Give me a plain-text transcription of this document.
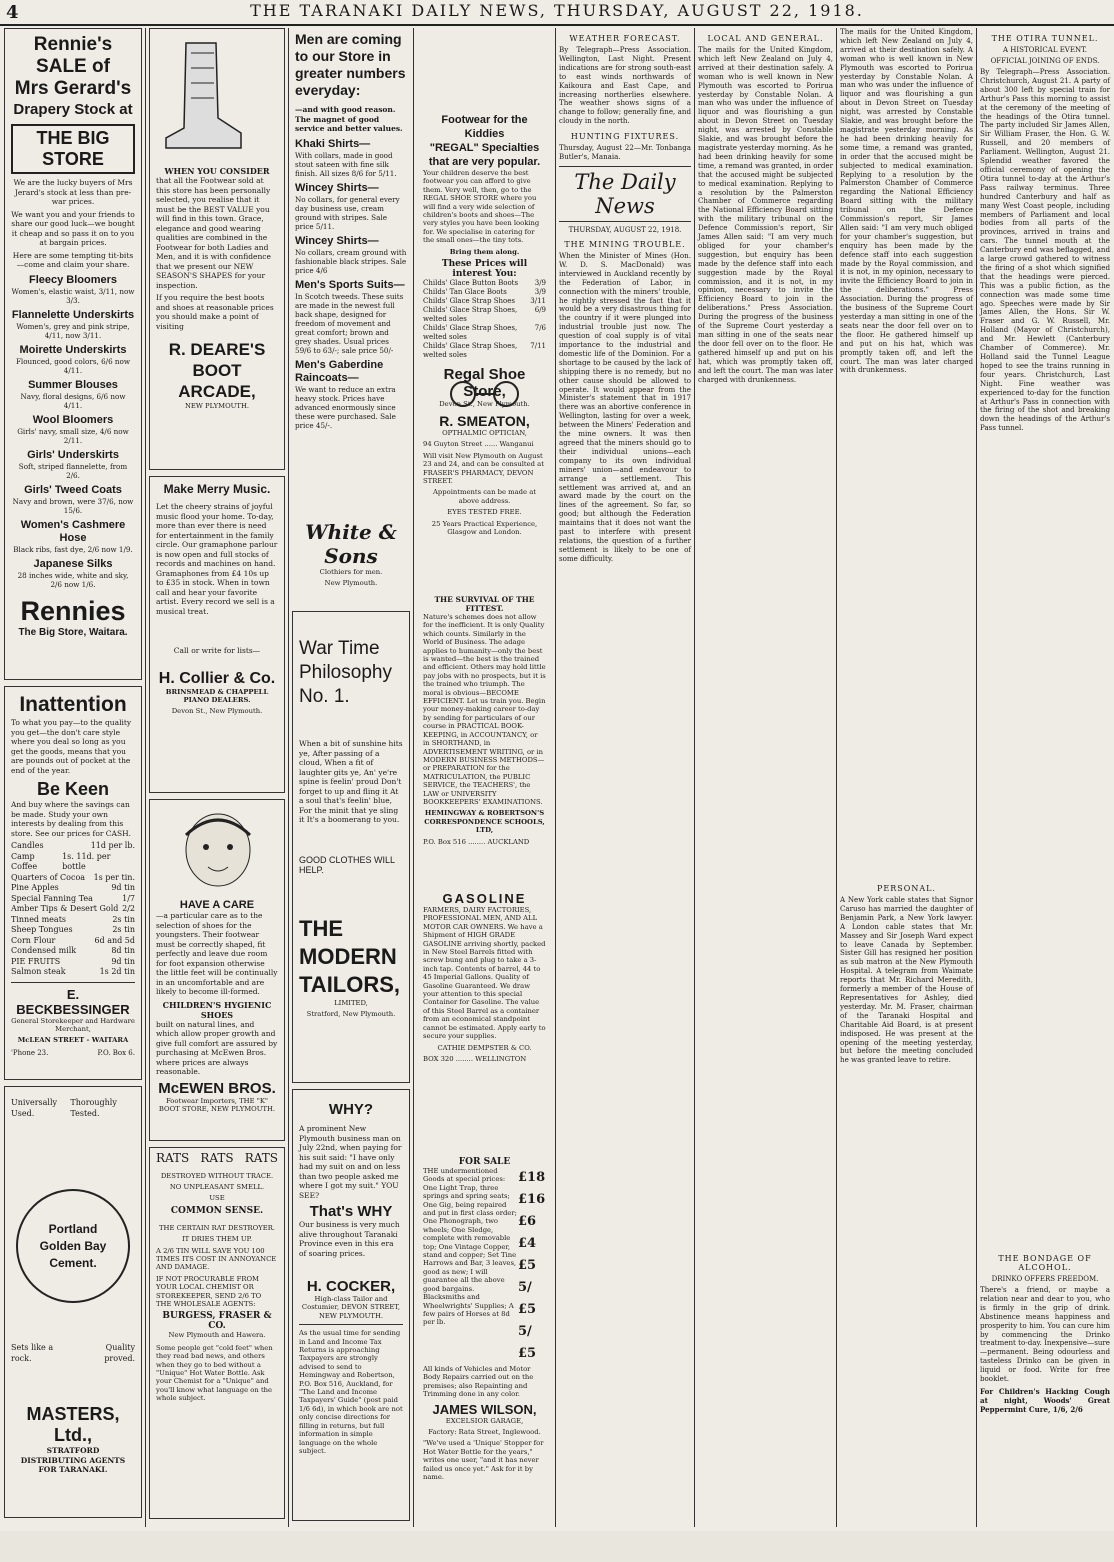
4	THE TARANAKI DAILY NEWS, THURSDAY, AUGUST 22, 1918.
Rennie's
SALE of
Mrs Gerard's
Drapery Stock at
THE BIG STORE

We are the lucky buyers of Mrs Jerard's stock at less than pre-war prices.

We want you and your friends to share our good luck—we bought it cheap and so pass it on to you at bargain prices.

Here are some tempting tit-bits—come and claim your share.

Fleecy Bloomers
Women's, elastic waist, 3/11, now 3/3.
Flannelette Underskirts
Women's, grey and pink stripe, 4/11, now 3/11.
Moirette Underskirts
Flounced, good colors, 6/6 now 4/11.
Summer Blouses
Navy, floral designs, 6/6 now 4/11.
Wool Bloomers
Girls' navy, small size, 4/6 now 2/11.
Girls' Underskirts
Soft, striped flannelette, from 2/6.
Girls' Tweed Coats
Navy and brown, were 37/6, now 15/6.
Women's Cashmere Hose
Black ribs, fast dye, 2/6 now 1/9.
Japanese Silks
28 inches wide, white and sky, 2/6 now 1/6.
Rennies
The Big Store, Waitara.
Inattention

To what you pay—to the quality you get—the don't care style where you deal so long as you get the goods, means that you are pounds out of pocket at the end of the year.

Be Keen

And buy where the savings can be made. Study your own interests by dealing from this store. See our prices for CASH.

Candles	11d per lb.
Camp Coffee
1s. 11d. per bottle
Quarters of Cocoa 1s per tin.
Pine Apples	9d tin
Special Fanning Tea	1/7
Amber Tips & Desert Gold 2/2
Tinned meats	2s tin
Sheep Tongues	2s tin
Corn Flour	6d and 5d
Condensed milk	8d tin
PIE FRUITS	9d tin
Salmon steak	1s 2d tin
E. BECKBESSINGER

General Storekeeper and Hardware Merchant,

McLEAN STREET - WAITARA

'Phone 23.	P.O. Box 6.
Universally Used.
Thoroughly Tested.
Portland Golden Bay Cement.
Sets like a rock.
Quality proved.
MASTERS, Ltd.,
STRATFORD
DISTRIBUTING AGENTS FOR TARANAKI.
WHEN YOU CONSIDER

that all the Footwear sold at this store has been personally selected, you realise that it must be the BEST VALUE you will find in this town. Grace, elegance and good wearing qualities are combined in the Footwear for both Ladies and Men, and it is with confidence that we present our NEW SEASON'S SHAPES for your inspection.

If you require the best boots and shoes at reasonable prices you should make a point of visiting

R. DEARE'S BOOT ARCADE,
NEW PLYMOUTH.
Make Merry Music.

Let the cheery strains of joyful music flood your home. To-day, more than ever there is need for entertainment in the family circle. Our gramaphone parlour is now open and full stocks of records and machines on hand. Gramaphones from £4 10s up to £35 in stock. When in town call and hear your favorite artist. Every record we sell is a musical treat.

Call or write for lists—

H. Collier & Co.

BRINSMEAD & CHAPPELL PIANO DEALERS.

Devon St., New Plymouth.

HAVE A CARE

—a particular care as to the selection of shoes for the youngsters. Their footwear must be correctly shaped, fit perfectly and leave due room for foot expansion otherwise the little feet will be continually in an uncomfortable and are likely to become ill-formed.

CHILDREN'S HYGIENIC SHOES

built on natural lines, and which allow proper growth and give full comfort are assured by purchasing at McEwen Bros. where prices are always reasonable.

McEWEN BROS.

Footwear Importers, THE "K" BOOT STORE, NEW PLYMOUTH.

RATS RATS RATS

DESTROYED WITHOUT TRACE.

NO UNPLEASANT SMELL.

USE

COMMON SENSE.

THE CERTAIN RAT DESTROYER.

IT DRIES THEM UP.

A 2/6 TIN WILL SAVE YOU 100 TIMES ITS COST IN ANNOYANCE AND DAMAGE.

IF NOT PROCURABLE FROM YOUR LOCAL CHEMIST OR STOREKEEPER, SEND 2/6 TO THE WHOLESALE AGENTS:

BURGESS, FRASER & CO.

New Plymouth and Hawera.

Some people get "cold feet" when they read bad news, and others when they go to bed without a "Unique" Hot Water Bottle. Ask your Chemist for a "Unique" and you'll know what language on the whole subject.

Men are coming
to our Store in
greater numbers
everyday:

—and with good reason. The magnet of good service and better values.

Khaki Shirts—
With collars, made in good stout sateen with fine silk finish. All sizes 8/6 for 5/11.
Wincey Shirts—
No collars, for general every day business use, cream ground with stripes. Sale price 5/11.
Wincey Shirts—
No collars, cream ground with fashionable black stripes. Sale price 4/6
Men's Sports Suits—
In Scotch tweeds. These suits are made in the newest full back shape, designed for freedom of movement and great comfort; brown and grey shades. Usual prices 59/6 to 63/-; sale price 50/-
Men's Gaberdine Raincoats—
We want to reduce an extra heavy stock. Prices have advanced enormously since these were purchased. Sale price 45/-.
White & Sons

Clothiers for men.

New Plymouth.

War Time
Philosophy
No. 1.

When a bit of sunshine hits ye, After passing of a cloud, When a fit of laughter gits ye, An' ye're spine is feelin' proud Don't forget to up and fling it At a soul that's feelin' blue, For the minit that ye sling it It's a boomerang to you.

GOOD CLOTHES WILL HELP.

THE MODERN TAILORS,

LIMITED,

Stratford, New Plymouth.

WHY?

A prominent New Plymouth business man on July 22nd, when paying for his suit said: "I have only had my suit on and on less than two people asked me where I got my suit." YOU SEE?

That's WHY

Our business is very much alive throughout Taranaki Province even in this era of soaring prices.

H. COCKER,

High-class Tailor and Costumier, DEVON STREET, NEW PLYMOUTH.

As the usual time for sending in Land and Income Tax Returns is approaching Taxpayers are strongly advised to send to Hemingway and Robertson, P.O. Box 516, Auckland, for "The Land and Income Taxpayers' Guide" (post paid 1/6 6d), in which book are not only concise directions for filling in returns, but full information in simple language on the whole subject.

Footwear for the Kiddies
"REGAL" Specialties that are very popular.

Your children deserve the best footwear you can afford to give them. Very well, then, go to the REGAL SHOE STORE where you will find a very wide selection of children's boots and shoes—The very styles you have been looking for. We specialise in catering for the small ones—the tiny tots.

Bring them along.

These Prices will interest You:
Childs' Glace Button Boots 3/9
Childs' Tan Glace Boots	3/9
Childs' Glace Strap Shoes 3/11
Childs' Glace Strap Shoes, welted soles
6/9
Childs' Glace Strap Shoes, welted soles
7/6
Childs' Glace Strap Shoes, welted soles
7/11
Regal Shoe Store,

Devon St., New Plymouth.

R. SMEATON,

OPTHALMIC OPTICIAN,

94 Guyton Street ...... Wanganui

Will visit New Plymouth on August 23 and 24, and can be consulted at FRASER'S PHARMACY, DEVON STREET.

Appointments can be made at above address.

EYES TESTED FREE.

25 Years Practical Experience, Glasgow and London.

THE SURVIVAL OF THE FITTEST.

Nature's schemes does not allow for the inefficient. It is only Quality which counts. Similarly in the World of Business. The adage applies to humanity—only the best is wanted—the best is the trained and efficient. Others may hold little pay jobs with no prospects, but it is the trained who triumph. The moral is obvious—BECOME EFFICIENT. Let us train you. Begin your money-making career to-day by sending for particulars of our course in PRACTICAL BOOK-KEEPING, in ACCOUNTANCY, or in SHORTHAND, in ADVERTISEMENT WRITING, or in MODERN BUSINESS METHODS—or PREPARATION for the MATRICULATION, the PUBLIC SERVICE, the TEACHERS', the LAW or UNIVERSITY BOOKKEEPERS' EXAMINATIONS.

HEMINGWAY & ROBERTSON'S CORRESPONDENCE SCHOOLS, LTD,

P.O. Box 516 ........ AUCKLAND

GASOLINE

FARMERS, DAIRY FACTORIES, PROFESSIONAL MEN, AND ALL MOTOR CAR OWNERS. We have a Shipment of HIGH GRADE GASOLINE arriving shortly, packed in New Steel Barrels fitted with screw bung and plug to take a 3-inch tap. Contents of barrel, 44 to 45 Imperial Gallons. Quality of Gasoline Guaranteed. We draw your attention to this special Container for Gasoline. The value of this Steel Barrel as a container from an economical standpoint cannot be estimated. Apply early to secure your supplies.

CATHIE DEMPSTER & CO.

BOX 320 ........ WELLINGTON

FOR SALE

THE undermentioned Goods at special prices: One Light Trap, three springs and spring seats; One Gig, being repaired and put in first class order; One Phonograph, two wheels; One Sledge, complete with removable top; One Vintage Copper, stand and copper; Set Tine Harrows and Bar, 3 leaves, good as new; I will guarantee all the above good bargains. Blacksmiths and Wheelwrights' Supplies; A few pairs of Horses at 8d per lb.

£18
£16
£6
£4
£5 5/
£5 5/
£5

All kinds of Vehicles and Motor Body Repairs carried out on the premises; also Repainting and Trimming done in any color.

JAMES WILSON,

EXCELSIOR GARAGE,

Factory: Rata Street, Inglewood.

"We've used a 'Unique' Stopper for Hot Water Bottle for the years," writes one user, "and it has never failed us once yet." Ask for it by name.

WEATHER FORECAST.
By Telegraph—Press Association. Wellington, Last Night. Present indications are for strong south-east to east winds northwards of Kaikoura and East Cape, and increasing northerlies elsewhere. The weather shows signs of a change to follow; generally fine, and cloudy in the north.
HUNTING FIXTURES.
Thursday, August 22—Mr. Tonbanga Butler's, Manaia.
The Daily News
THURSDAY, AUGUST 22, 1918.
THE MINING TROUBLE.
When the Minister of Mines (Hon. W. D. S. MacDonald) was interviewed in Auckland recently by the Federation of Labor, in connection with the miners' trouble, he rightly stressed the fact that it would be a very disastrous thing for the country if it were plunged into industrial trouble just now. The question of coal supply is of vital importance to the industrial and domestic life of the Dominion. For a shortage to be caused by the lack of shipping there is no remedy, but no other cause should be allowed to operate. It would appear from the Minister's statement that in 1917 there was an abortive conference in Wellington, lasting for over a week, between the Miners' Federation and the mine owners. It was then agreed that the miners should go to their individual unions—each company to its own individual miners' union—and endeavour to arrange a settlement. This settlement was arrived at, and an award made by the court on the lines of the agreement. So far, so good; but although the Federation maintains that it does not want the past to interfere with present relations, the question of a further settlement is likely to be one of some difficulty.
LOCAL AND GENERAL.
The mails for the United Kingdom, which left New Zealand on July 4, arrived at their destination safely. A woman who is well known in New Plymouth was escorted to Porirua yesterday by Constable Nolan. A man who was under the influence of liquor and was flourishing a gun about in Devon Street on Tuesday night, was arrested by Constable Slakie, and was brought before the magistrate yesterday morning. As he had been drinking heavily for some time, a remand was granted, in order that the accused might be subjected to medical examination. Replying to a resolution by the Palmerston Chamber of Commerce regarding the National Efficiency Board sitting with the military tribunal on the Defence Commission's report, Sir James Allen said: "I am very much obliged for your chamber's suggestion, but enquiry has been made by the defence staff into each suggestion made by the Royal commission, and it is not, in my opinion, necessary to invite the Efficiency Board to join in the deliberations." Press Association. During the progress of the business of the Supreme Court yesterday a man sitting in one of the seats near the door fell over on to the floor. He gathered himself up and put on his hat, which was promptly taken off, and left the court. The man was later charged with drunkenness.
The mails for the United Kingdom, which left New Zealand on July 4, arrived at their destination safely. A woman who is well known in New Plymouth was escorted to Porirua yesterday by Constable Nolan. A man who was under the influence of liquor and was flourishing a gun about in Devon Street on Tuesday night, was arrested by Constable Slakie, and was brought before the magistrate yesterday morning. As he had been drinking heavily for some time, a remand was granted, in order that the accused might be subjected to medical examination. Replying to a resolution by the Palmerston Chamber of Commerce regarding the National Efficiency Board sitting with the military tribunal on the Defence Commission's report, Sir James Allen said: "I am very much obliged for your chamber's suggestion, but enquiry has been made by the defence staff into each suggestion made by the Royal commission, and it is not, in my opinion, necessary to invite the Efficiency Board to join in the deliberations." Press Association. During the progress of the business of the Supreme Court yesterday a man sitting in one of the seats near the door fell over on to the floor. He gathered himself up and put on his hat, which was promptly taken off, and left the court. The man was later charged with drunkenness.
PERSONAL.
A New York cable states that Signor Caruso has married the daughter of Benjamin Park, a New York lawyer. A London cable states that Mr. Massey and Sir Joseph Ward expect to leave Canada by September. Sister Gill has resigned her position as sub matron at the New Plymouth Hospital. A telegram from Waimate reports that Mr. Richard Meredith, formerly a member of the House of Representatives for Ashley, died yesterday. Mr. M. Fraser, chairman of the Taranaki Hospital and Charitable Aid Board, is at present indisposed. He was present at the opening of the meeting yesterday, but before the meeting concluded he was granted leave to retire.
THE OTIRA TUNNEL.
A HISTORICAL EVENT.
OFFICIAL JOINING OF ENDS.
By Telegraph—Press Association. Christchurch, August 21. A party of about 300 left by special train for Arthur's Pass this morning to assist at the ceremony of the meeting of the headings of the Otira tunnel. The party included Sir James Allen, Sir William Fraser, the Hon. G. W. Russell, and 20 members of Parliament. Wellington, August 21. Splendid weather favored the official ceremony of opening the Otira tunnel to-day at the Arthur's Pass railway terminus. Three hundred Canterbury and half as many West Coast people, including members of Parliament and local bodies from all parts of the provinces, arrived in trains and cars. The tunnel mouth at the Canterbury end was beflagged, and a large crowd gathered to witness the firing of a shot which signified that the headings were pierced. This was a public fiction, as the connection was made some time ago. Speeches were made by Sir James Allen, the Hons. Sir W. Fraser and G. W. Russell, Mr. Holland (Mayor of Christchurch), and Mr. Hewlett (Canterbury Chamber of Commerce). Mr. Holland said the Tunnel League hoped to see the trains running in four years. Christchurch, Last Night. Fine weather was experienced to-day for the function at Arthur's Pass in connection with the firing of the shot and breaking down the headings of the Arthur's Pass tunnel.
THE BONDAGE OF ALCOHOL.
DRINKO OFFERS FREEDOM.
There's a friend, or maybe a relation near and dear to you, who is firmly in the grip of drink. Abstinence means happiness and prosperity to him. You can cure him by commencing the Drinko treatment to-day. Inexpensive—sure—permanent. Being odourless and tasteless Drinko can be given in liquid or food. Write for free booklet.
For Children's Hacking Cough at night, Woods' Great Peppermint Cure, 1/6, 2/6
